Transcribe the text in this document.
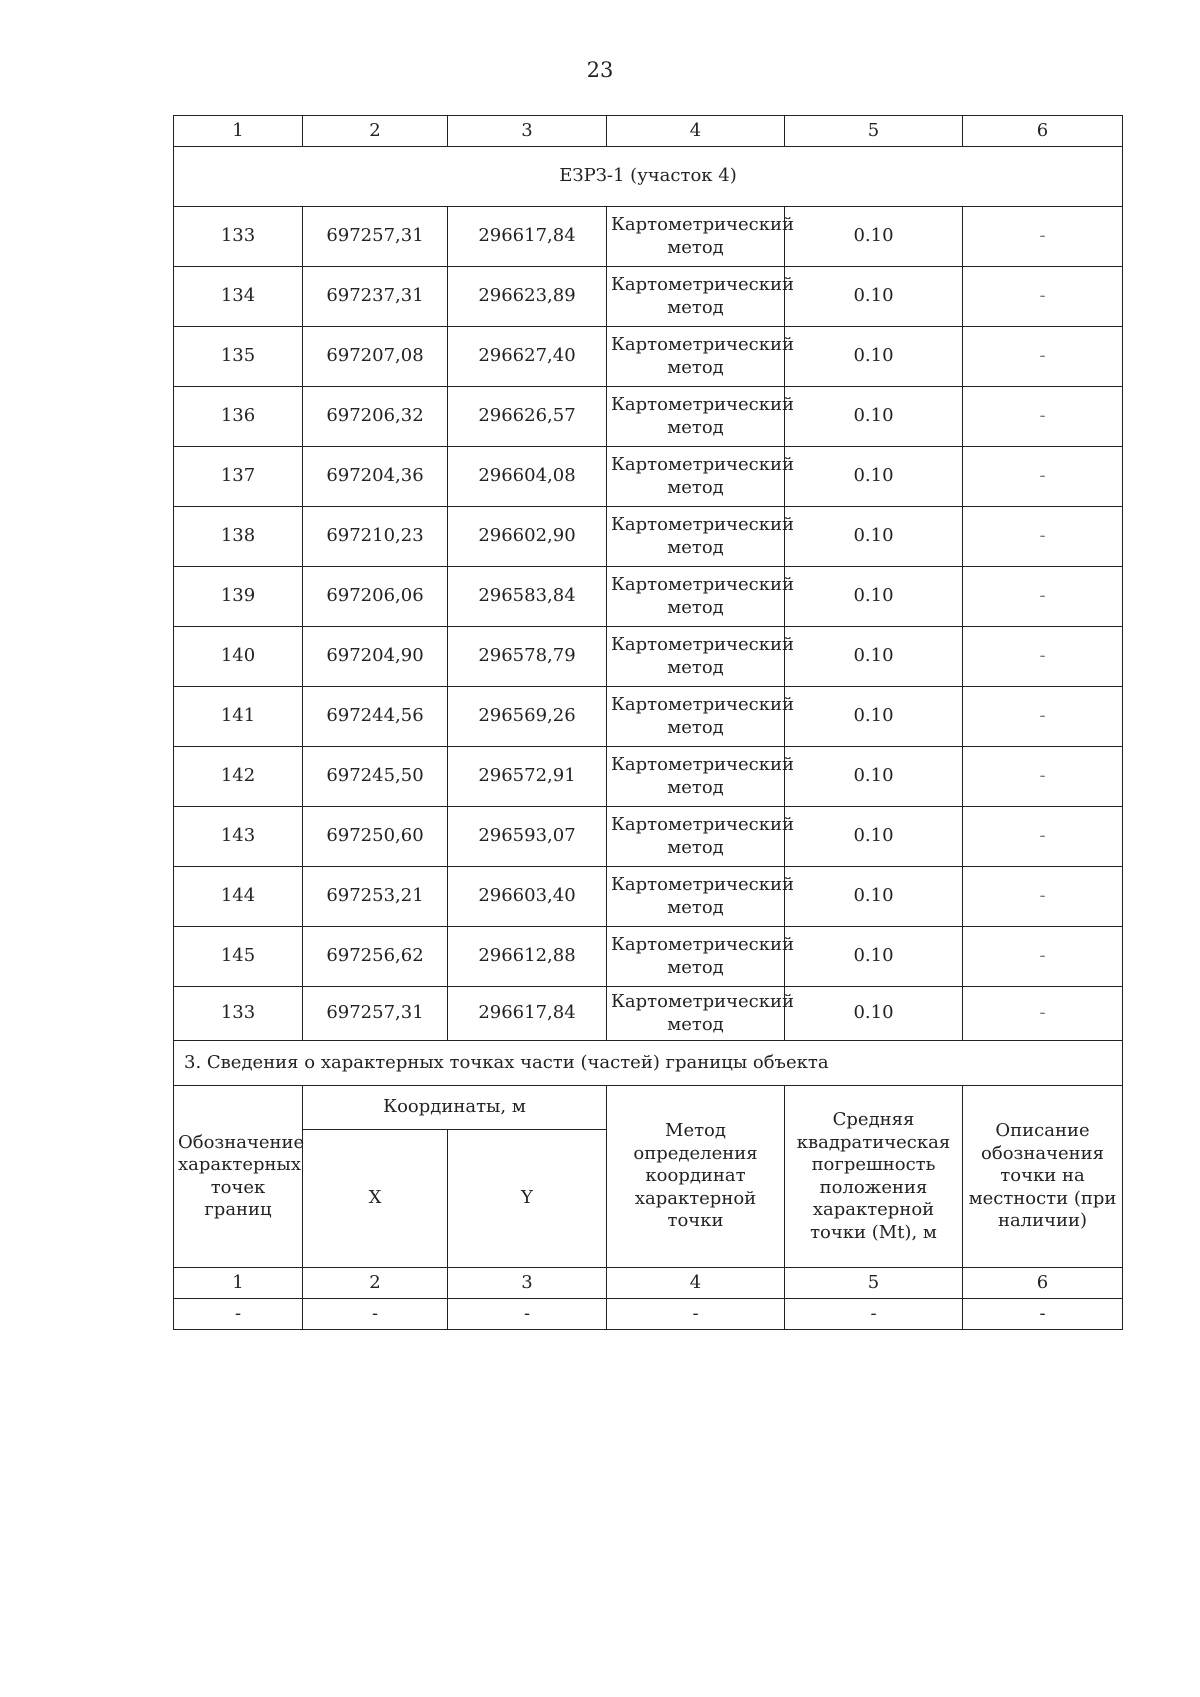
23
1	2	3	4	5	6
ЕЗРЗ-1 (участок 4)					
133	697257,31	296617,84	Картометрический метод	0.10	-
134	697237,31	296623,89	Картометрический метод	0.10	-
135	697207,08	296627,40	Картометрический метод	0.10	-
136	697206,32	296626,57	Картометрический метод	0.10	-
137	697204,36	296604,08	Картометрический метод	0.10	-
138	697210,23	296602,90	Картометрический метод	0.10	-
139	697206,06	296583,84	Картометрический метод	0.10	-
140	697204,90	296578,79	Картометрический метод	0.10	-
141	697244,56	296569,26	Картометрический метод	0.10	-
142	697245,50	296572,91	Картометрический метод	0.10	-
143	697250,60	296593,07	Картометрический метод	0.10	-
144	697253,21	296603,40	Картометрический метод	0.10	-
145	697256,62	296612,88	Картометрический метод	0.10	-
133	697257,31	296617,84	Картометрический метод	0.10	-
3. Сведения о характерных точках части (частей) границы объекта					
Обозначение характерных точек границ	Координаты, м		Метод определения координат характерной точки	Средняя квадратическая погрешность положения характерной точки (Mt), м	Описание обозначения точки на местности (при наличии)
	X	Y			
1	2	3	4	5	6
-	-	-	-	-	-
